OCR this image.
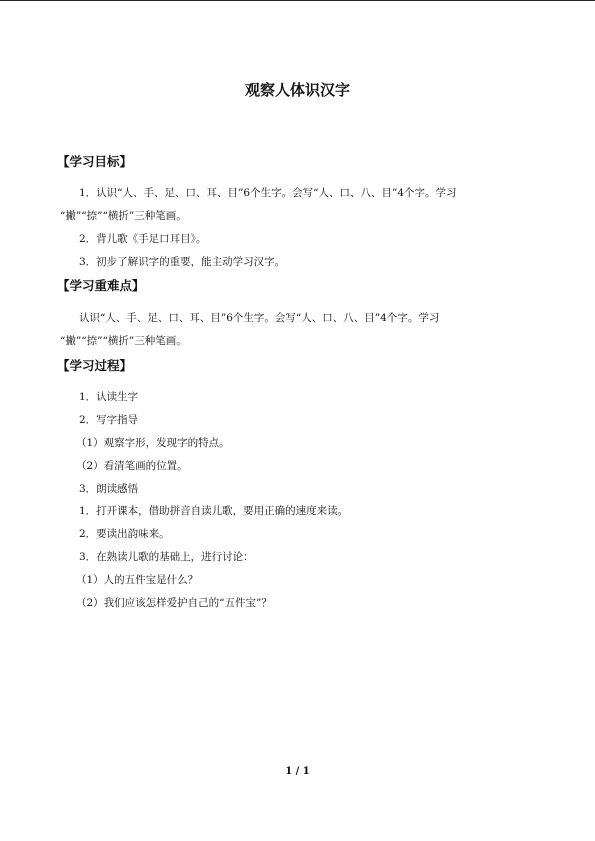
观察人体识汉字
【学习目标】
1．认识“人、手、足、口、耳、目”6个生字。会写“人、口、八、目”4个字。学习
“撇”“捺”“横折”三种笔画。
2．背儿歌《手足口耳目》。
3．初步了解识字的重要，能主动学习汉字。
【学习重难点】
认识“人、手、足、口、耳、目”6个生字。会写“人、口、八、目”4个字。学习
“撇”“捺”“横折”三种笔画。
【学习过程】
1．认读生字
2．写字指导
（1）观察字形，发现字的特点。
（2）看清笔画的位置。
3．朗读感悟
1．打开课本，借助拼音自读儿歌，要用正确的速度来读。
2．要读出韵味来。
3．在熟读儿歌的基础上，进行讨论：
（1）人的五件宝是什么？
（2）我们应该怎样爱护自己的“五件宝”？
1 / 1
